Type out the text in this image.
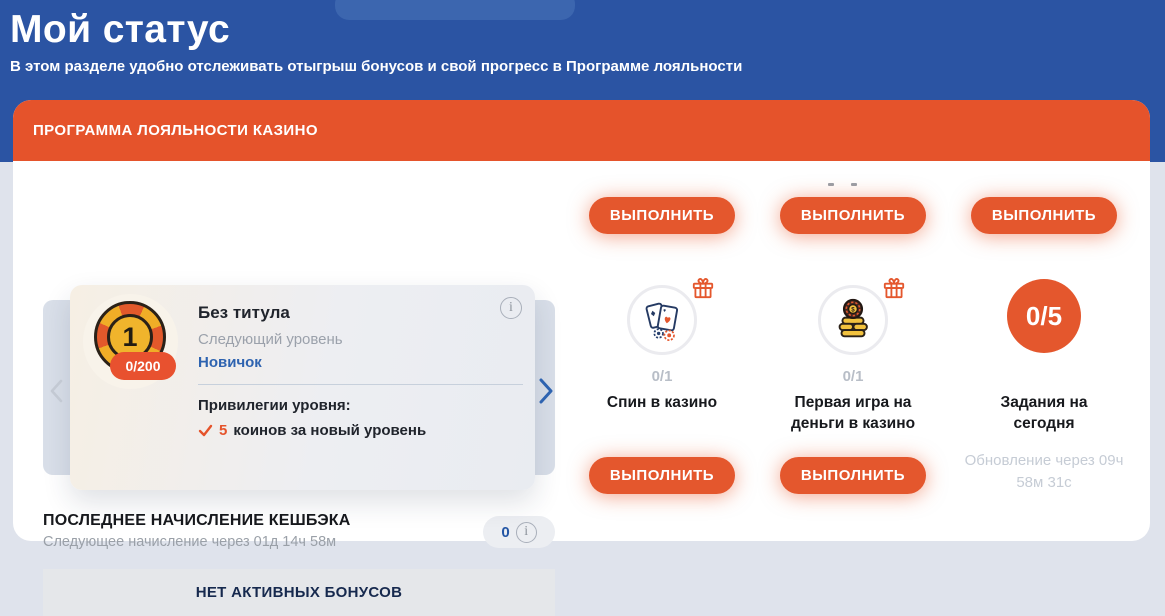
Мой статус
В этом разделе удобно отслеживать отыгрыш бонусов и свой прогресс в Программе лояльности
ПРОГРАММА ЛОЯЛЬНОСТИ КАЗИНО
1
0/200
i
Без титула
Следующий уровень
Новичок
Привилегии уровня:
5 коинов за новый уровень
ПОСЛЕДНЕЕ НАЧИСЛЕНИЕ КЕШБЭКА
Следующее начисление через 01д 14ч 58м
0 i
НЕТ АКТИВНЫХ БОНУСОВ
ВЫПОЛНИТЬ	ВЫПОЛНИТЬ	ВЫПОЛНИТЬ
$	0/5
0/1	0/1
Спин в казино	Первая игра на деньги в казино
Задания на сегодня
ВЫПОЛНИТЬ	ВЫПОЛНИТЬ
Обновление через 09ч 58м 31с
